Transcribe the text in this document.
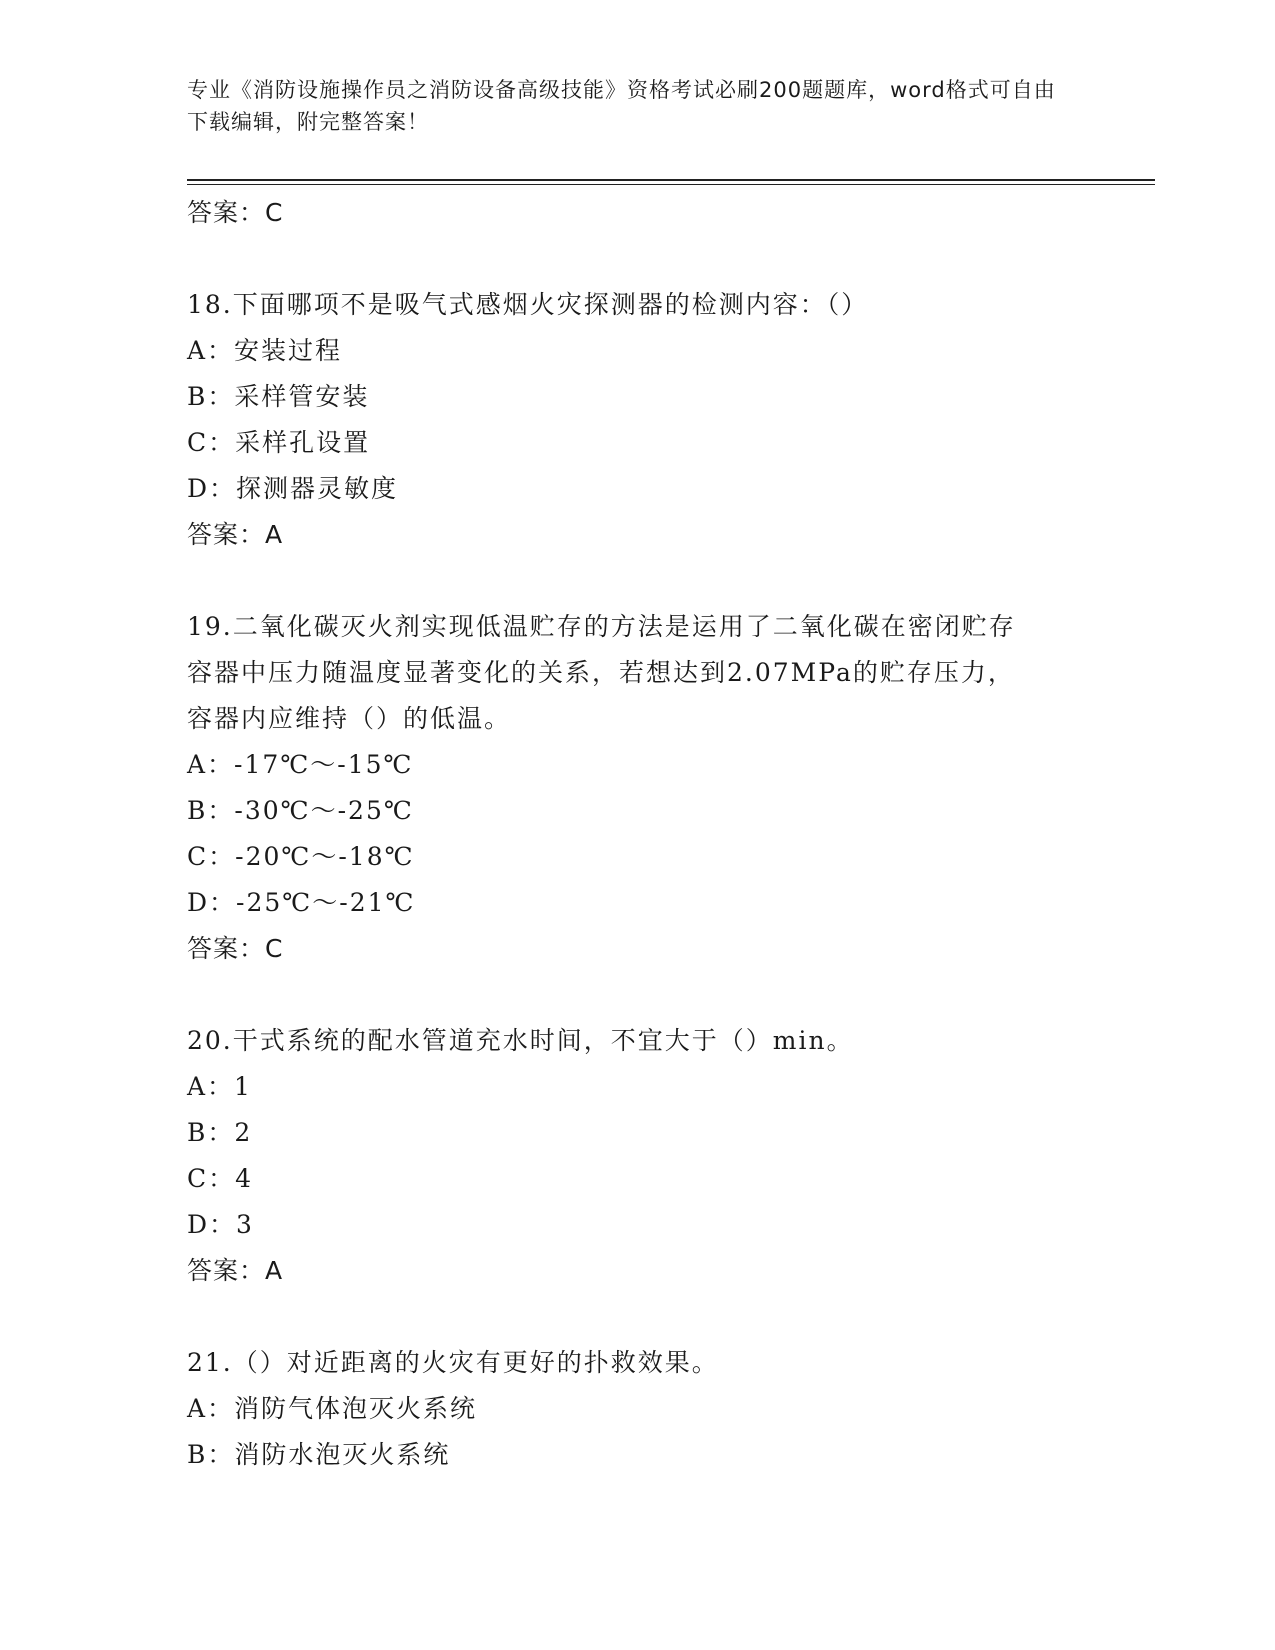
专业《消防设施操作员之消防设备高级技能》资格考试必刷200题题库，word格式可自由下载编辑，附完整答案！
答案：C
18.下面哪项不是吸气式感烟火灾探测器的检测内容：（）
A：安装过程
B：采样管安装
C：采样孔设置
D：探测器灵敏度
答案：A
19.二氧化碳灭火剂实现低温贮存的方法是运用了二氧化碳在密闭贮存
容器中压力随温度显著变化的关系，若想达到2.07MPa的贮存压力，
容器内应维持（）的低温。
A：-17℃～-15℃
B：-30℃～-25℃
C：-20℃～-18℃
D：-25℃～-21℃
答案：C
20.干式系统的配水管道充水时间，不宜大于（）min。
A：1
B：2
C：4
D：3
答案：A
21.（）对近距离的火灾有更好的扑救效果。
A：消防气体泡灭火系统
B：消防水泡灭火系统
